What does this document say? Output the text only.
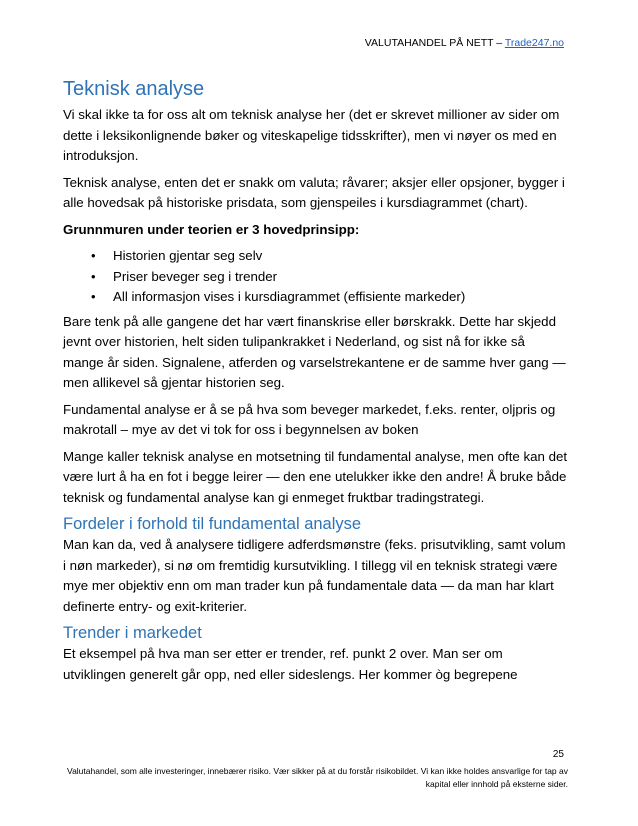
VALUTAHANDEL PÅ NETT – Trade247.no
Teknisk analyse

Vi skal ikke ta for oss alt om teknisk analyse her (det er skrevet millioner av sider om dette i leksikonlignende bøker og viteskapelige tidsskrifter), men vi nøyer os med en introduksjon.

Teknisk analyse, enten det er snakk om valuta; råvarer; aksjer eller opsjoner, bygger i alle hovedsak på historiske prisdata, som gjenspeiles i kursdiagrammet (chart).

Grunnmuren under teorien er 3 hovedprinsipp:

• Historien gjentar seg selv
• Priser beveger seg i trender
• All informasjon vises i kursdiagrammet (effisiente markeder)

Bare tenk på alle gangene det har vært finanskrise eller børskrakk. Dette har skjedd jevnt over historien, helt siden tulipankrakket i Nederland, og sist nå for ikke så mange år siden. Signalene, atferden og varselstrekantene er de samme hver gang — men allikevel så gjentar historien seg.

Fundamental analyse er å se på hva som beveger markedet, f.eks. renter, oljpris og makrotall – mye av det vi tok for oss i begynnelsen av boken

Mange kaller teknisk analyse en motsetning til fundamental analyse, men ofte kan det være lurt å ha en fot i begge leirer — den ene utelukker ikke den andre! Å bruke både teknisk og fundamental analyse kan gi enmeget fruktbar tradingstrategi.

Fordeler i forhold til fundamental analyse

Man kan da, ved å analysere tidligere adferdsmønstre (feks. prisutvikling, samt volum i nøn markeder), si nø om fremtidig kursutvikling. I tillegg vil en teknisk strategi være mye mer objektiv enn om man trader kun på fundamentale data — da man har klart definerte entry- og exit-kriterier.

Trender i markedet

Et eksempel på hva man ser etter er trender, ref. punkt 2 over. Man ser om utviklingen generelt går opp, ned eller sideslengs. Her kommer òg begrepene

25
Valutahandel, som alle investeringer, innebærer risiko. Vær sikker på at du forstår risikobildet. Vi kan ikke holdes ansvarlige for tap av kapital eller innhold på eksterne sider.
